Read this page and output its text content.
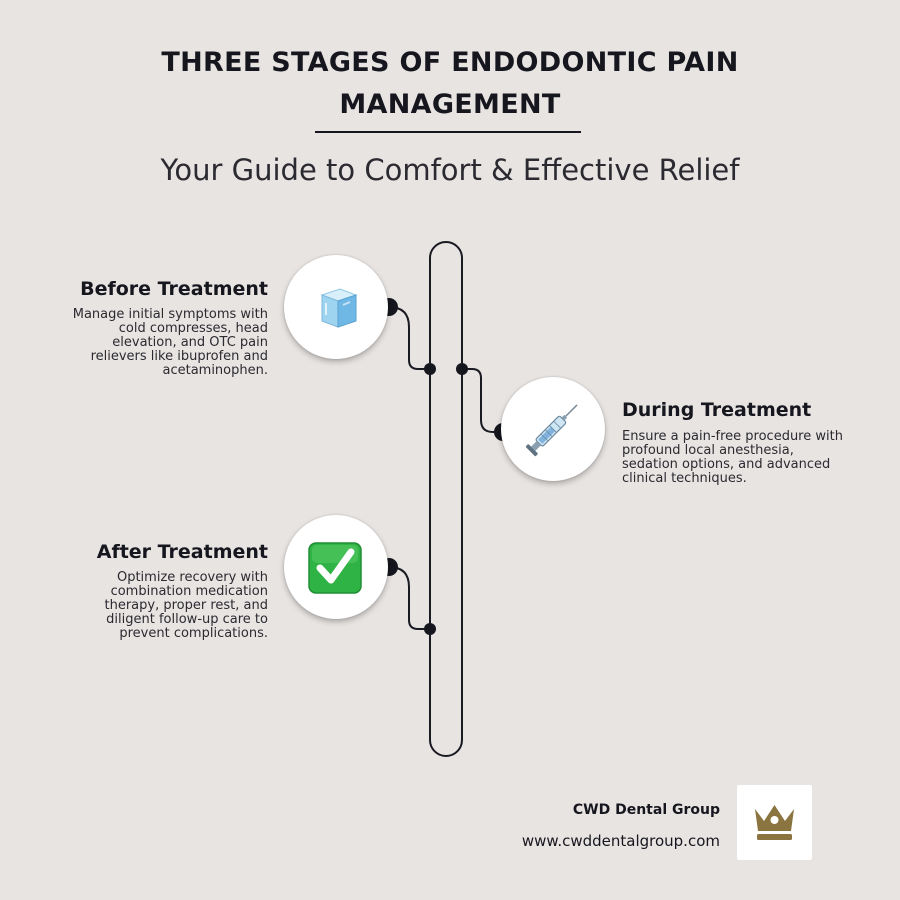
THREE STAGES OF ENDODONTIC PAIN
MANAGEMENT
Your Guide to Comfort & Effective Relief
Before Treatment
Manage initial symptoms with cold compresses, head elevation, and OTC pain relievers like ibuprofen and acetaminophen.
During Treatment
Ensure a pain-free procedure with profound local anesthesia, sedation options, and advanced clinical techniques.
After Treatment
Optimize recovery with combination medication therapy, proper rest, and diligent follow-up care to prevent complications.
CWD Dental Group
www.cwddentalgroup.com
